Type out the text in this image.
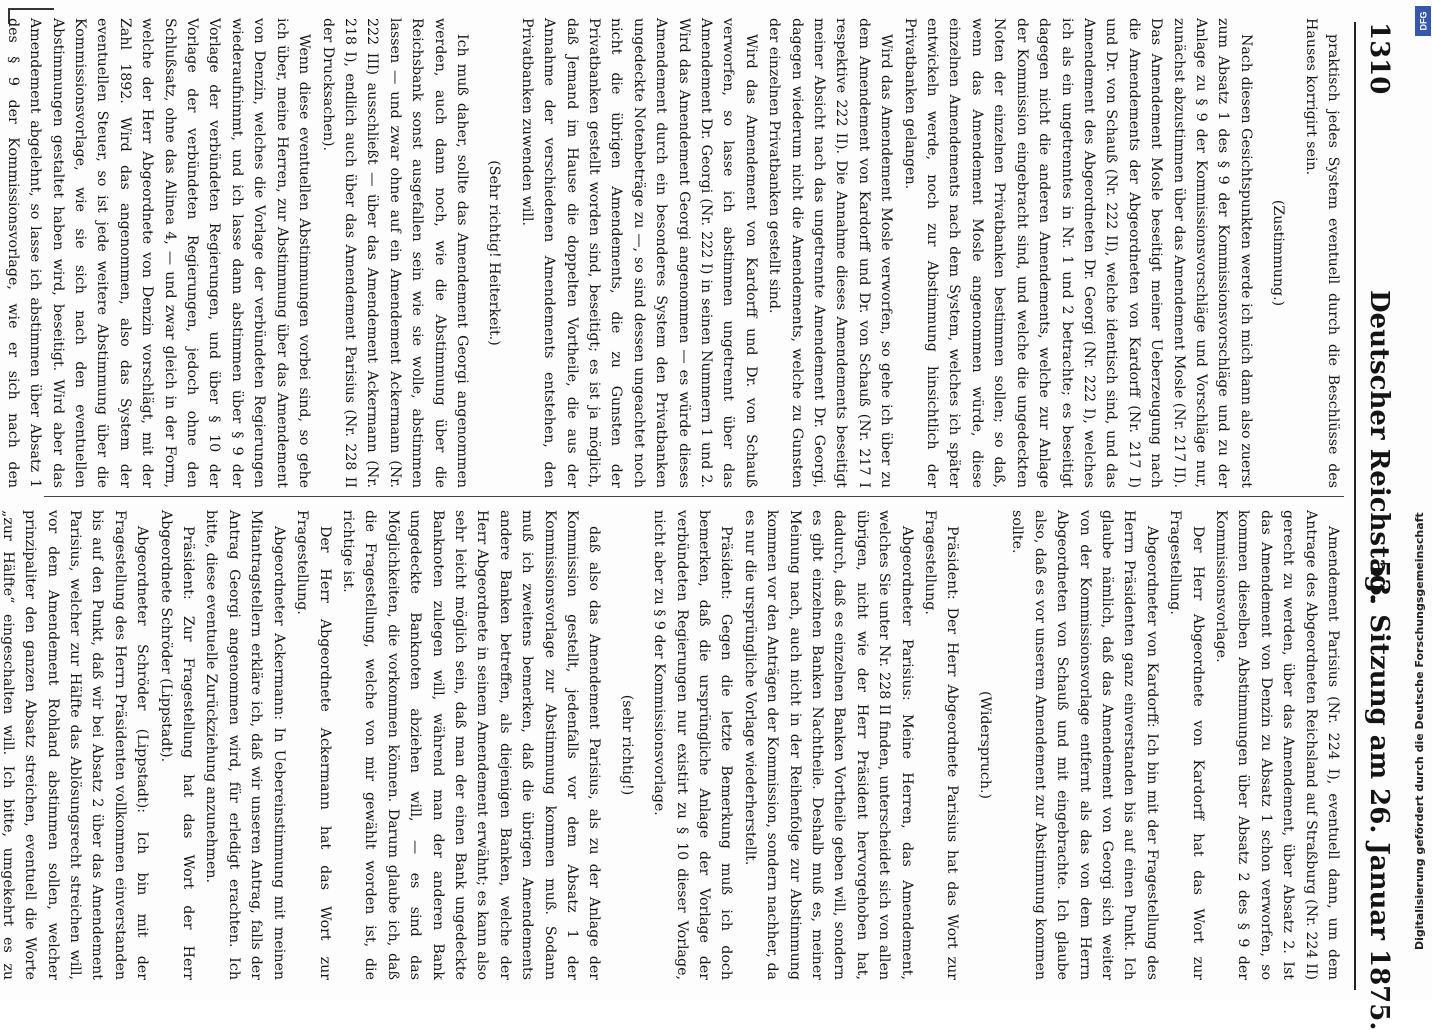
1310
Deutscher Reichstag.
53. Sitzung am 26. Januar 1875.

praktisch jedes System eventuell durch die Beschlüsse des Hauses korrigirt sein.

(Zustimmung.)

Nach diesen Gesichtspunkten werde ich mich dann also zuerst zum Absatz 1 des § 9 der Kommissionsvorschläge und zu der Anlage zu § 9 der Kommissionsvorschläge und Vorschläge nur, zunächst abzustimmen über das Amendement Mosle (Nr. 217 II). Das Amendement Mosle beseitigt meiner Ueberzeugung nach die Amendements der Abgeordneten von Kardorff (Nr. 217 I) und Dr. von Schauß (Nr. 222 II), welche identisch sind, und das Amendement des Abgeordneten Dr. Georgi (Nr. 222 I), welches ich als ein ungetrenntes in Nr. 1 und 2 betrachte; es beseitigt dagegen nicht die anderen Amendements, welche zur Anlage der Kommission eingebracht sind, und welche die ungedeckten Noten der einzelnen Privatbanken bestimmen sollen; so daß, wenn das Amendement Mosle angenommen würde, diese einzelnen Amendements nach dem System, welches ich später entwickeln werde, noch zur Abstimmung hinsichtlich der Privatbanken gelangen.

Wird das Amendement Mosle verworfen, so gehe ich über zu dem Amendement von Kardorff und Dr. von Schauß (Nr. 217 I respektive 222 II). Die Annahme dieses Amendements beseitigt meiner Absicht nach das ungetrennte Amendement Dr. Georgi, dagegen wiederum nicht die Amendements, welche zu Gunsten der einzelnen Privatbanken gestellt sind.

Wird das Amendement von Kardorff und Dr. von Schauß verworfen, so lasse ich abstimmen ungetrennt über das Amendement Dr. Georgi (Nr. 222 I) in seinen Nummern 1 und 2. Wird das Amendement Georgi angenommen — es würde dieses Amendement durch ein besonderes System den Privatbanken ungedeckte Notenbeträge zu —, so sind dessen ungeachtet noch nicht die übrigen Amendements, die zu Gunsten der Privatbanken gestellt worden sind, beseitigt; es ist ja möglich, daß Jemand im Hause die doppelten Vortheile, die aus der Annahme der verschiedenen Amendements entstehen, den Privatbanken zuwenden will.

(Sehr richtig! Heiterkeit.)

Ich muß daher, sollte das Amendement Georgi angenommen werden, auch dann noch, wie die Abstimmung über die Reichsbank sonst ausgefallen sein wie sie wolle, abstimmen lassen — und zwar ohne auf ein Amendement Ackermann (Nr. 222 III) ausschließt — über das Amendement Ackermann (Nr. 218 I), endlich auch über das Amendement Parisius (Nr. 228 II der Drucksachen).

Wenn diese eventuellen Abstimmungen vorbei sind, so gehe ich über, meine Herren, zur Abstimmung über das Amendement von Denzin, welches die Vorlage der verbündeten Regierungen wiederaufnimmt, und ich lasse dann abstimmen über § 9 der Vorlage der verbündeten Regierungen, und über § 10 der Vorlage der verbündeten Regierungen, jedoch ohne den Schlußsatz, ohne das Alinea 4, — und zwar gleich in der Form, welche der Herr Abgeordnete von Denzin vorschlägt, mit der Zahl 1892. Wird das angenommen, also das System der eventuellen Steuer, so ist jede weitere Abstimmung über die Kommissionsvorlage, wie sie sich nach den eventuellen Abstimmungen gestaltet haben wird, beseitigt. Wird aber das Amendement abgelehnt, so lasse ich abstimmen über Absatz 1 des § 9 der Kommissionsvorlage, wie er sich nach den

Amendement Parisius (Nr. 224 I), eventuell dann, um dem Antrage des Abgeordneten Reichsland auf Straßburg (Nr. 224 II) gerecht zu werden, über das Amendement, über Absatz 2. Ist das Amendement von Denzin zu Absatz 1 schon verworfen, so kommen dieselben Abstimmungen über Absatz 2 des § 9 der Kommissionsvorlage.

Der Herr Abgeordnete von Kardorff hat das Wort zur Fragestellung.

Abgeordneter von Kardorff: Ich bin mit der Fragestellung des Herrn Präsidenten ganz einverstanden bis auf einen Punkt. Ich glaube nämlich, daß das Amendement von Georgi sich weiter von der Kommissionsvorlage entfernt als das von dem Herrn Abgeordneten von Schauß und mit eingebrachte. Ich glaube also, daß es vor unserem Amendement zur Abstimmung kommen sollte.

(Widerspruch.)

Präsident: Der Herr Abgeordnete Parisius hat das Wort zur Fragestellung.

Abgeordneter Parisius: Meine Herren, das Amendement, welches Sie unter Nr. 228 II finden, unterscheidet sich von allen übrigen, nicht wie der Herr Präsident hervorgehoben hat, dadurch, daß es einzelnen Banken Vortheile geben will, sondern es gibt einzelnen Banken Nachtheile. Deshalb muß es, meiner Meinung nach, auch nicht in der Reihenfolge zur Abstimmung kommen vor den Anträgen der Kommission, sondern nachher, da es nur die ursprüngliche Vorlage wiederherstellt.

Präsident: Gegen die letzte Bemerkung muß ich doch bemerken, daß die ursprüngliche Anlage der Vorlage der verbündeten Regierungen nur existirt zu § 10 dieser Vorlage, nicht aber zu § 9 der Kommissionsvorlage.

(sehr richtig!)

daß also das Amendement Parisius, als zu der Anlage der Kommission gestellt, jedenfalls vor dem Absatz 1 der Kommissionsvorlage zur Abstimmung kommen muß. Sodann muß ich zweitens bemerken, daß die übrigen Amendements andere Banken betreffen, als diejenigen Banken, welche der Herr Abgeordnete in seinem Amendement erwähnt; es kann also sehr leicht möglich sein, daß man der einen Bank ungedeckte Banknoten zulegen will, während man der anderen Bank ungedeckte Banknoten abziehen will, — es sind das Möglichkeiten, die vorkommen können. Darum glaube ich, daß die Fragestellung, welche von mir gewählt worden ist, die richtige ist.

Der Herr Abgeordnete Ackermann hat das Wort zur Fragestellung.

Abgeordneter Ackermann: In Uebereinstimmung mit meinen Mitantragstellern erkläre ich, daß wir unseren Antrag, falls der Antrag Georgi angenommen wird, für erledigt erachten. Ich bitte, diese eventuelle Zurückziehung anzunehmen.

Präsident: Zur Fragestellung hat das Wort der Herr Abgeordnete Schröder (Lippstadt).

Abgeordneter Schröder (Lippstadt): Ich bin mit der Fragestellung des Herrn Präsidenten vollkommen einverstanden bis auf den Punkt, daß wir bei Absatz 2 über das Amendement Parisius, welcher zur Hälfte das Ablösungsrecht streichen will, vor dem Amendement Rohland abstimmen sollen, welcher prinzipaliter den ganzen Absatz streichen, eventuell die Worte „zur Hälfte“ eingeschalten will. Ich bitte, umgekehrt es zu

DFG
Digitalisierung gefördert durch die Deutsche Forschungsgemeinschaft
